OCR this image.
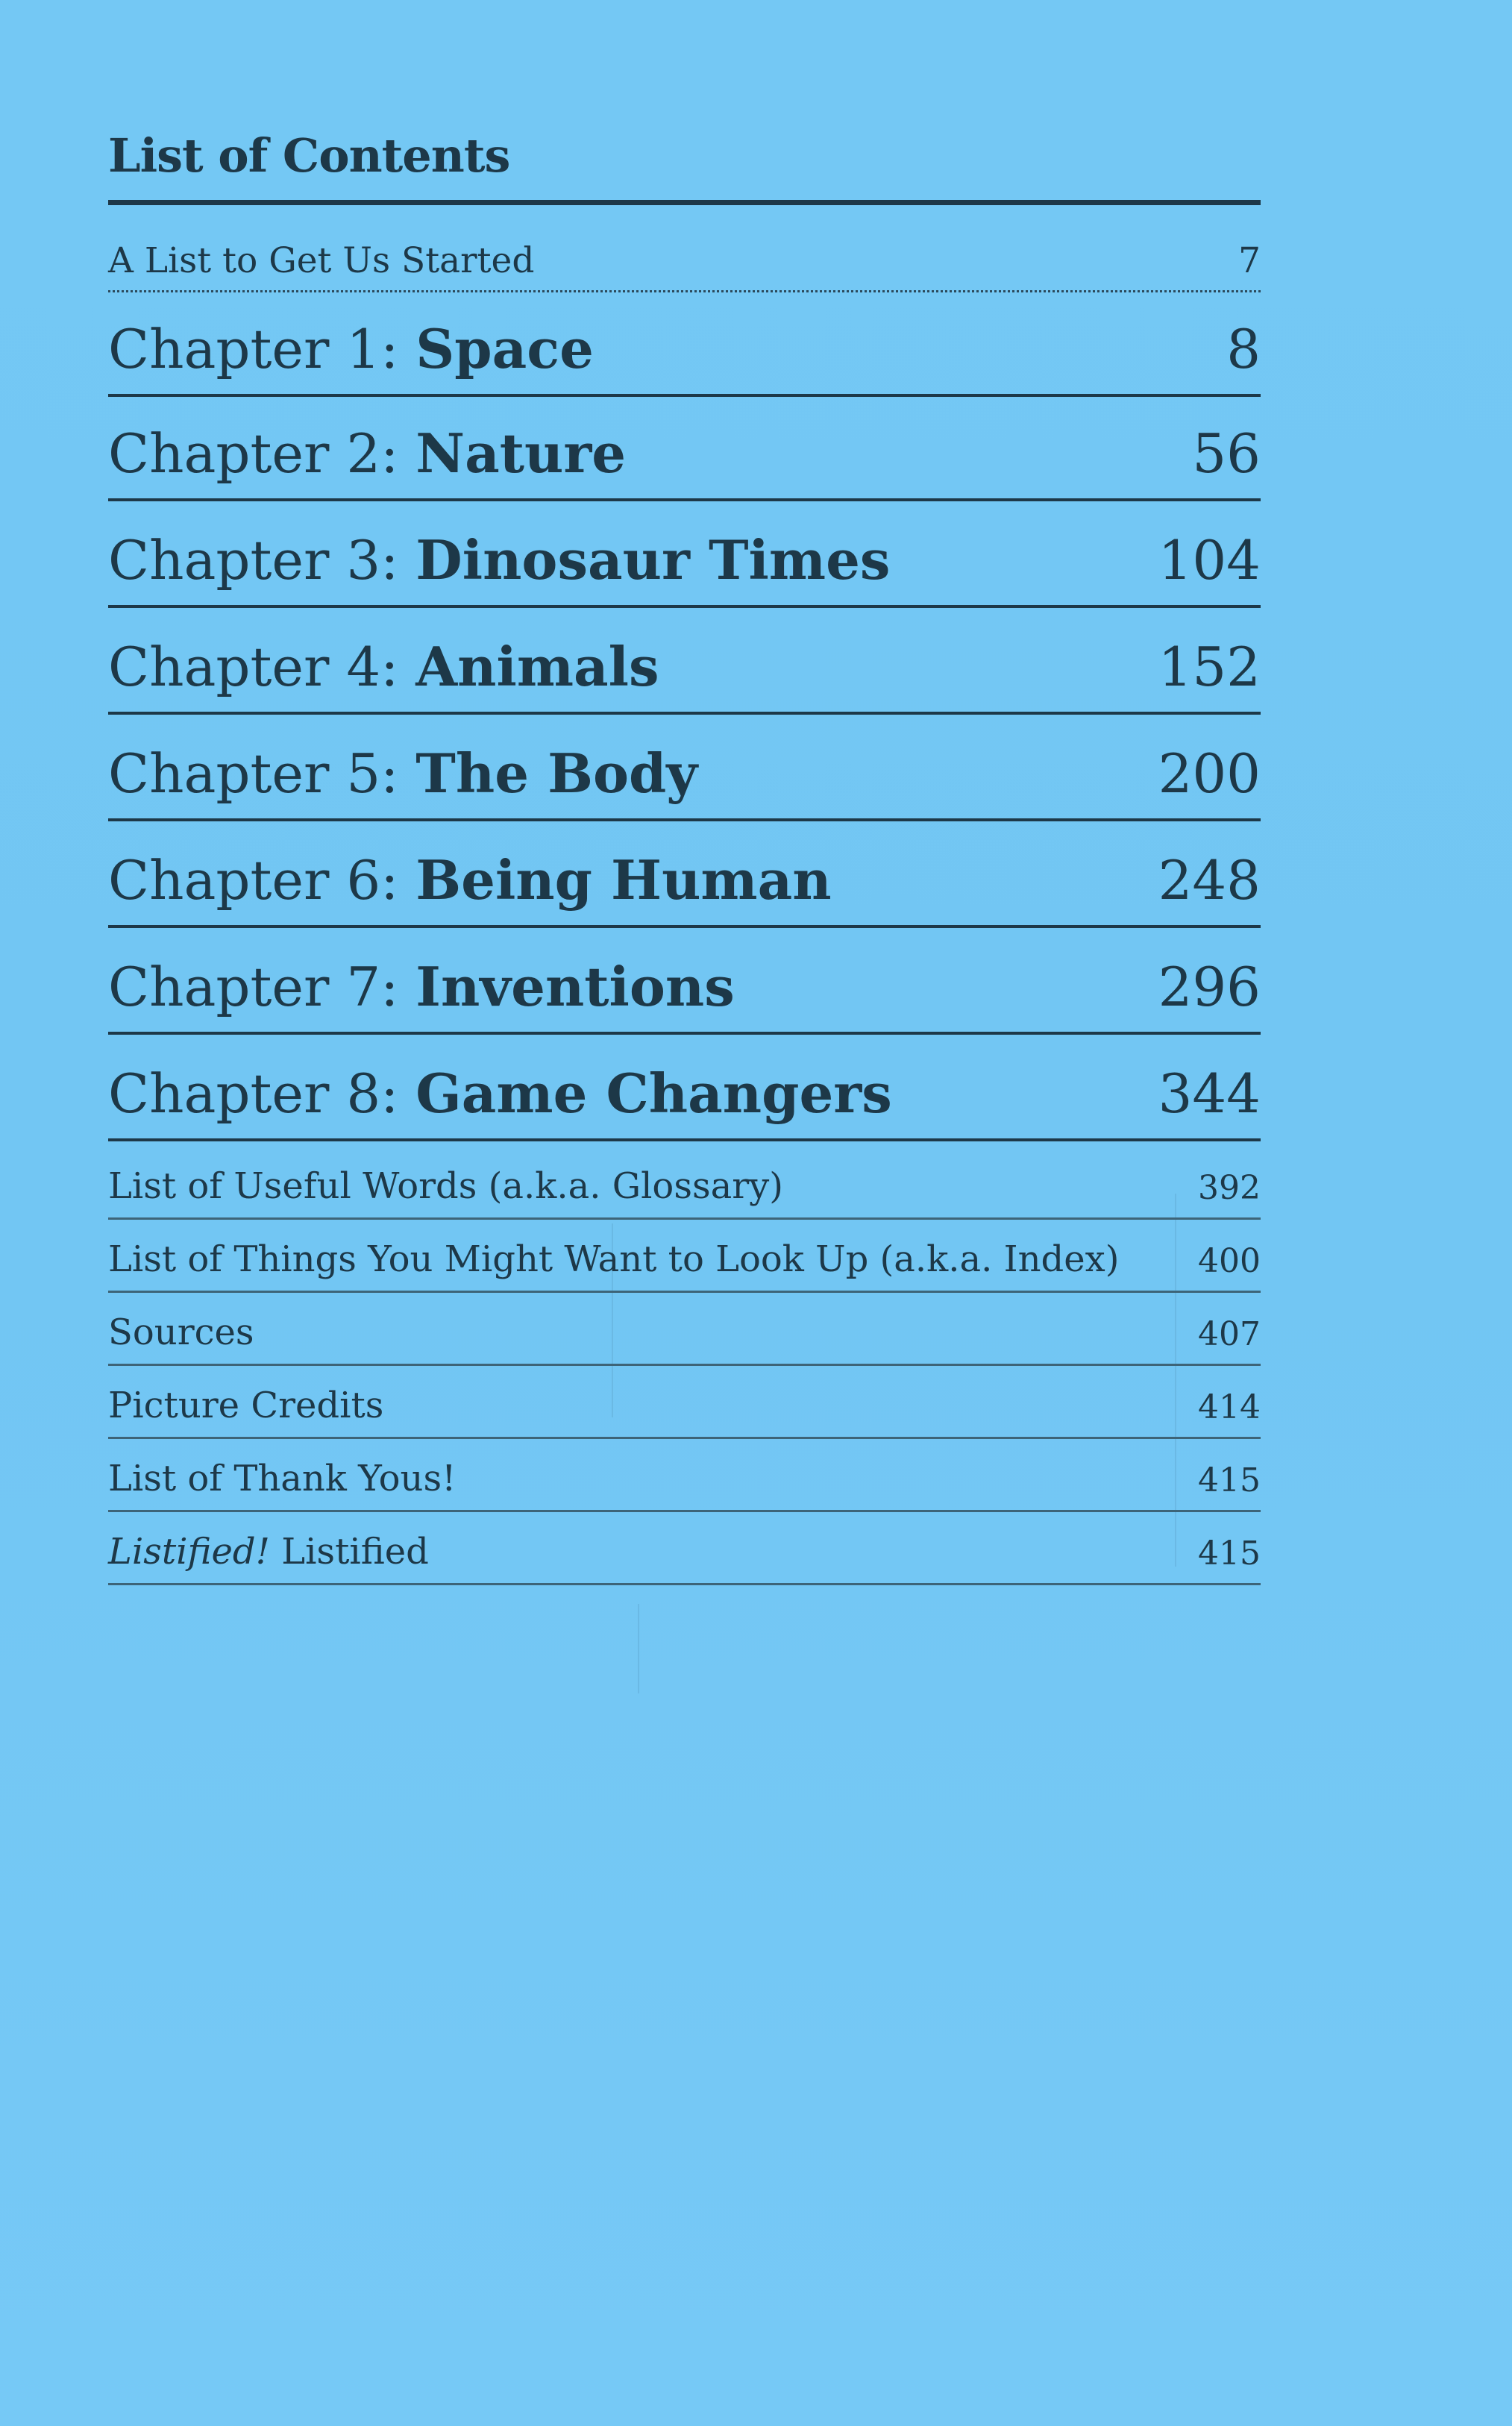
List of Contents
A List to Get Us Started	7
Chapter 1: Space	8
Chapter 2: Nature	56
Chapter 3: Dinosaur Times	104
Chapter 4: Animals	152
Chapter 5: The Body	200
Chapter 6: Being Human	248
Chapter 7: Inventions	296
Chapter 8: Game Changers	344
List of Useful Words (a.k.a. Glossary)	392
List of Things You Might Want to Look Up (a.k.a. Index) 400
Sources	407
Picture Credits	414
List of Thank Yous!	415
Listified! Listified	415
